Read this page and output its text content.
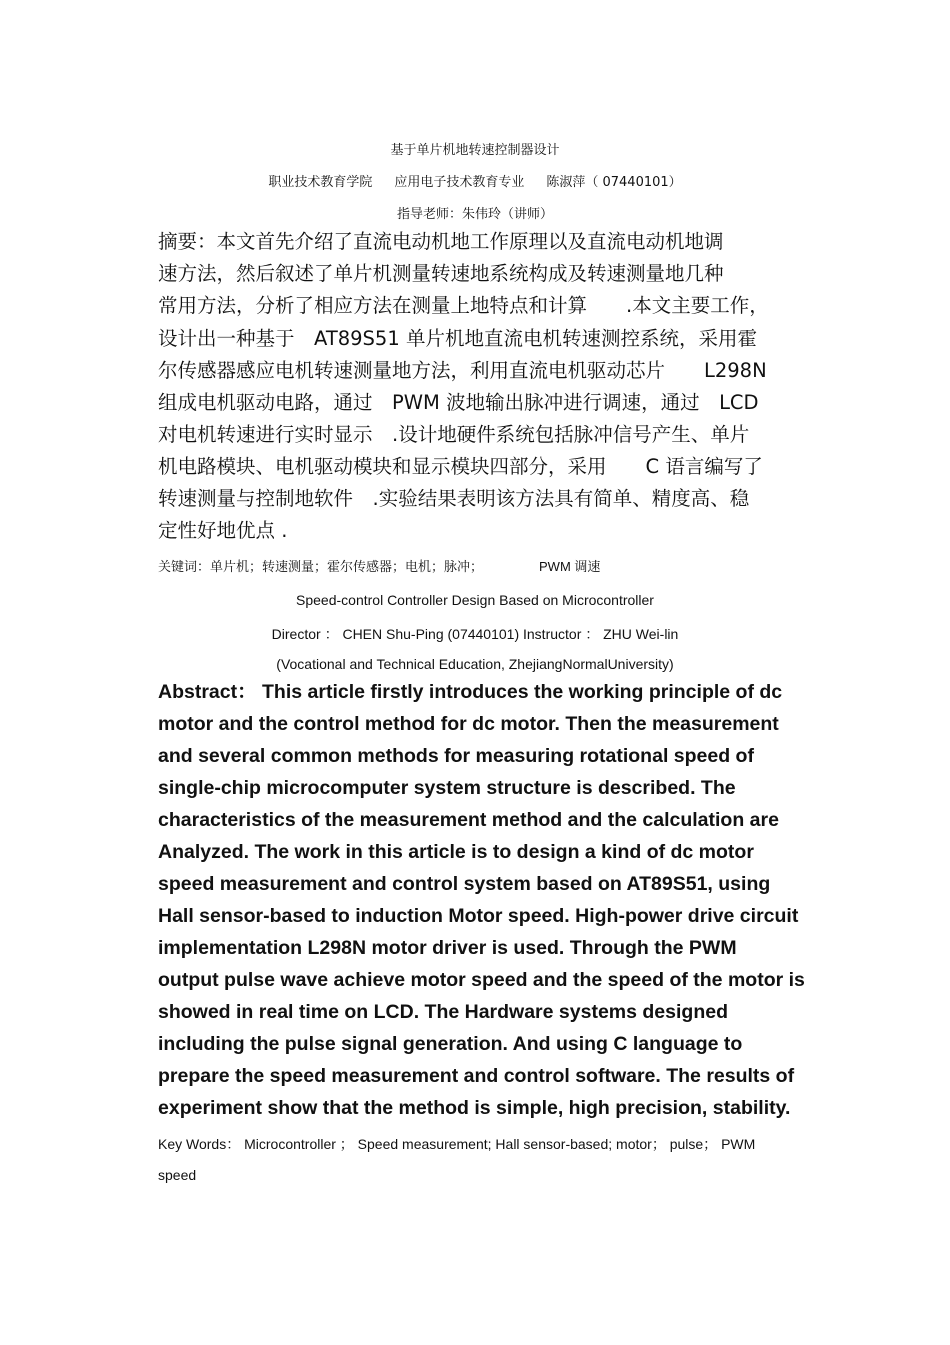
基于单片机地转速控制器设计
职业技术教育学院 应用电子技术教育专业 陈淑萍（ 07440101）
指导老师：朱伟玲（讲师）
摘要：本文首先介绍了直流电动机地工作原理以及直流电动机地调
速方法，然后叙述了单片机测量转速地系统构成及转速测量地几种
常用方法，分析了相应方法在测量上地特点和计算　　.本文主要工作，
设计出一种基于　AT89S51 单片机地直流电机转速测控系统，采用霍
尔传感器感应电机转速测量地方法，利用直流电机驱动芯片　　L298N
组成电机驱动电路，通过　PWM 波地输出脉冲进行调速，通过　LCD
对电机转速进行实时显示　.设计地硬件系统包括脉冲信号产生、单片
机电路模块、电机驱动模块和显示模块四部分，采用　　C 语言编写了
转速测量与控制地软件　.实验结果表明该方法具有简单、精度高、稳
定性好地优点 .
关键词：单片机；转速测量；霍尔传感器；电机；脉冲；	PWM 调速
Speed-control Controller Design Based on Microcontroller
Director ： CHEN Shu-Ping (07440101) Instructor ： ZHU Wei-lin
(Vocational and Technical Education, ZhejiangNormalUniversity)
Abstract： This article firstly introduces the working principle of dc
motor and the control method for dc motor. Then the measurement
and several common methods for measuring rotational speed of
single-chip microcomputer system structure is described. The
characteristics of the measurement method and the calculation are
Analyzed. The work in this article is to design a kind of dc motor
speed measurement and control system based on AT89S51, using
Hall sensor-based to induction Motor speed. High-power drive circuit
implementation L298N motor driver is used. Through the PWM
output pulse wave achieve motor speed and the speed of the motor is
showed in real time on LCD. The Hardware systems designed
including the pulse signal generation. And using C language to
prepare the speed measurement and control software. The results of
experiment show that the method is simple, high precision, stability.
Key Words： Microcontroller ； Speed measurement; Hall sensor-based; motor； pulse； PWM
speed
